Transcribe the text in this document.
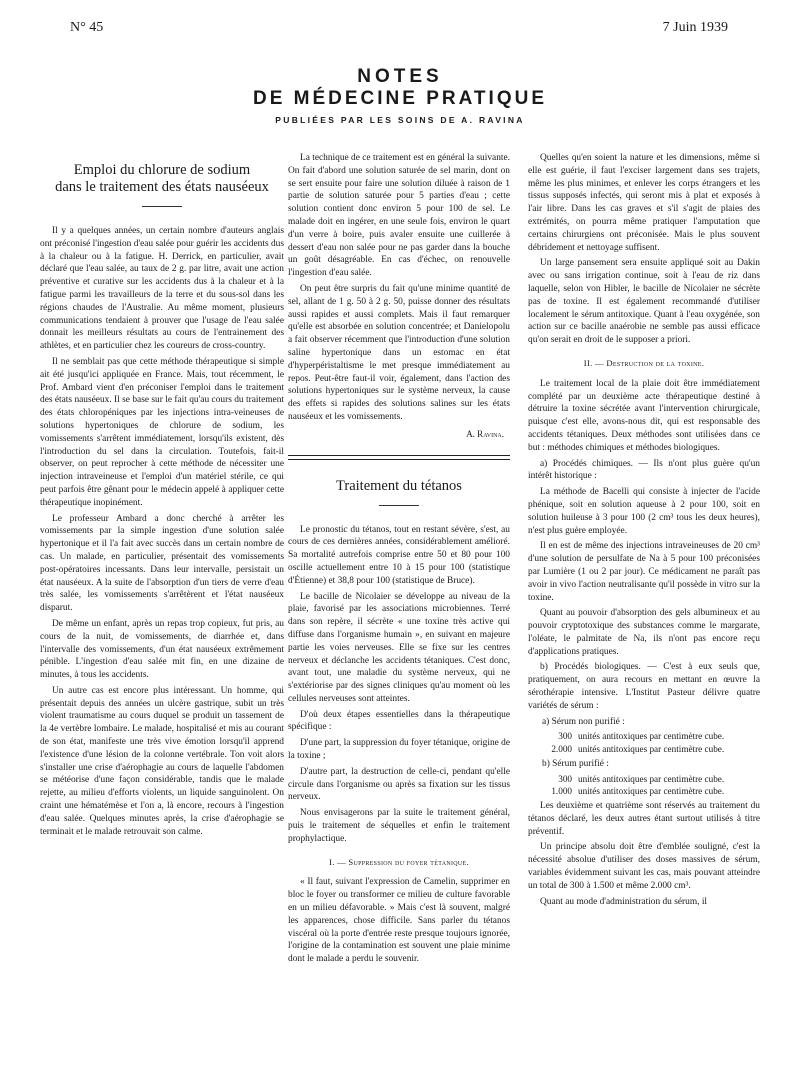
N° 45	7 Juin 1939
NOTES
DE MÉDECINE PRATIQUE
PUBLIÉES PAR LES SOINS DE A. RAVINA
Emploi du chlorure de sodium
dans le traitement des états nauséeux

Il y a quelques années, un certain nombre d'auteurs anglais ont préconisé l'ingestion d'eau salée pour guérir les accidents dus à la chaleur ou à la fatigue. H. Derrick, en particulier, avait déclaré que l'eau salée, au taux de 2 g. par litre, avait une action préventive et curative sur les accidents dus à la chaleur et à la fatigue parmi les travailleurs de la terre et du sous-sol dans les régions chaudes de l'Australie. Au même moment, plusieurs communications tendaient à prouver que l'usage de l'eau salée donnait les meilleurs résultats au cours de l'entrainement des athlètes, et en particulier chez les coureurs de cross-country.

Il ne semblait pas que cette méthode thérapeutique si simple ait été jusqu'ici appliquée en France. Mais, tout récemment, le Prof. Ambard vient d'en préconiser l'emploi dans le traitement des états nauséeux. Il se base sur le fait qu'au cours du traitement des états chloropéniques par les injections intra-veineuses de solutions hypertoniques de chlorure de sodium, les vomissements s'arrêtent immédiatement, lorsqu'ils existent, dès l'introduction du sel dans la circulation. Toutefois, fait-il observer, on peut reprocher à cette méthode de nécessiter une injection intraveineuse et l'emploi d'un matériel stérile, ce qui peut parfois être gênant pour le médecin appelé à appliquer cette thérapeutique inopinément.

Le professeur Ambard a donc cherché à arrêter les vomissements par la simple ingestion d'une solution salée hypertonique et il l'a fait avec succès dans un certain nombre de cas. Un malade, en particulier, présentait des vomissements post-opératoires incessants. Dans leur intervalle, persistait un état nauséeux. A la suite de l'absorption d'un tiers de verre d'eau très salée, les vomissements s'arrêtèrent et l'état nauséeux disparut.

De même un enfant, après un repas trop copieux, fut pris, au cours de la nuit, de vomissements, de diarrhée et, dans l'intervalle des vomissements, d'un état nauséeux extrêmement pénible. L'ingestion d'eau salée mit fin, en une dizaine de minutes, à tous les accidents.

Un autre cas est encore plus intéressant. Un homme, qui présentait depuis des années un ulcère gastrique, subit un très violent traumatisme au cours duquel se produit un tassement de la 4e vertèbre lombaire. Le malade, hospitalisé et mis au courant de son état, manifeste une très vive émotion lorsqu'il apprend l'existence d'une lésion de la colonne vertébrale. Ton voit alors s'installer une crise d'aérophagie au cours de laquelle l'abdomen se météorise d'une façon considérable, tandis que le malade rejette, au milieu d'efforts violents, un liquide sanguinolent. On craint une hématémèse et l'on a, là encore, recours à l'ingestion d'eau salée. Quelques minutes après, la crise d'aérophagie se terminait et le malade retrouvait son calme.

La technique de ce traitement est en général la suivante. On fait d'abord une solution saturée de sel marin, dont on se sert ensuite pour faire une solution diluée à raison de 1 partie de solution saturée pour 5 parties d'eau ; cette solution contient donc environ 5 pour 100 de sel. Le malade doit en ingérer, en une seule fois, environ le quart d'un verre à boire, puis avaler ensuite une cuillerée à dessert d'eau non salée pour ne pas garder dans la bouche un goût désagréable. En cas d'échec, on renouvelle l'ingestion d'eau salée.

On peut être surpris du fait qu'une minime quantité de sel, allant de 1 g. 50 à 2 g. 50, puisse donner des résultats aussi rapides et aussi complets. Mais il faut remarquer qu'elle est absorbée en solution concentrée; et Danielopolu a fait observer récemment que l'introduction d'une solution saline hypertonique dans un estomac en état d'hyperpéristaltisme le met presque immédiatement au repos. Peut-être faut-il voir, également, dans l'action des solutions hypertoniques sur le système nerveux, la cause des effets si rapides des solutions salines sur les états nauséeux et les vomissements.

A. Ravina.
Traitement du tétanos

Le pronostic du tétanos, tout en restant sévère, s'est, au cours de ces dernières années, considérablement amélioré. Sa mortalité autrefois comprise entre 50 et 80 pour 100 oscille actuellement entre 10 à 15 pour 100 (statistique d'Étienne) et 38,8 pour 100 (statistique de Bruce).

Le bacille de Nicolaier se développe au niveau de la plaie, favorisé par les associations microbiennes. Terré dans son repère, il sécrète « une toxine très active qui diffuse dans l'organisme humain », en suivant en majeure partie les voies nerveuses. Elle se fixe sur les centres nerveux et déclanche les accidents tétaniques. C'est donc, avant tout, une maladie du système nerveux, qui ne s'extériorise par des signes cliniques qu'au moment où les cellules nerveuses sont atteintes.

D'où deux étapes essentielles dans la thérapeutique spécifique :

D'une part, la suppression du foyer tétanique, origine de la toxine ;

D'autre part, la destruction de celle-ci, pendant qu'elle circule dans l'organisme ou après sa fixation sur les tissus nerveux.

Nous envisagerons par la suite le traitement général, puis le traitement de séquelles et enfin le traitement prophylactique.

I. — Suppression du foyer tétanique.

« Il faut, suivant l'expression de Camelin, supprimer en bloc le foyer ou transformer ce milieu de culture favorable en un milieu défavorable. » Mais c'est là souvent, malgré les apparences, chose difficile. Sans parler du tétanos viscéral où la porte d'entrée reste presque toujours ignorée, l'origine de la contamination est souvent une plaie minime dont le malade a perdu le souvenir.

Quelles qu'en soient la nature et les dimensions, même si elle est guérie, il faut l'exciser largement dans ses trajets, même les plus minimes, et enlever les corps étrangers et les tissus supposés infectés, qui seront mis à plat et exposés à l'air libre. Dans les cas graves et s'il s'agit de plaies des extrémités, on pourra même pratiquer l'amputation que certains chirurgiens ont préconisée. Mais le plus souvent débridement et nettoyage suffisent.

Un large pansement sera ensuite appliqué soit au Dakin avec ou sans irrigation continue, soit à l'eau de riz dans laquelle, selon von Hibler, le bacille de Nicolaier ne sécrète pas de toxine. Il est également recommandé d'utiliser localement le sérum antitoxique. Quant à l'eau oxygénée, son action sur ce bacille anaérobie ne semble pas aussi efficace qu'on serait en droit de le supposer a priori.

II. — Destruction de la toxine.

Le traitement local de la plaie doit être immédiatement complété par un deuxième acte thérapeutique destiné à détruire la toxine sécrétée avant l'intervention chirurgicale, puisque c'est elle, avons-nous dit, qui est responsable des accidents tétaniques. Deux méthodes sont utilisées dans ce but : méthodes chimiques et méthodes biologiques.

a) Procédés chimiques. — Ils n'ont plus guère qu'un intérêt historique :

La méthode de Bacelli qui consiste à injecter de l'acide phénique, soit en solution aqueuse à 2 pour 100, soit en solution huileuse à 3 pour 100 (2 cm³ tous les deux heures), n'est plus guère employée.

Il en est de même des injections intraveineuses de 20 cm³ d'une solution de persulfate de Na à 5 pour 100 préconisées par Lumière (1 ou 2 par jour). Ce médicament ne paraît pas avoir in vivo l'action neutralisante qu'il possède in vitro sur la toxine.

Quant au pouvoir d'absorption des gels albumineux et au pouvoir cryptotoxique des substances comme le margarate, l'oléate, le palmitate de Na, ils n'ont pas encore reçu d'applications pratiques.

b) Procédés biologiques. — C'est à eux seuls que, pratiquement, on aura recours en mettant en œuvre la sérothérapie intensive. L'Institut Pasteur délivre quatre variétés de sérum :

a) Sérum non purifié :
300	unités antitoxiques par centimètre cube.
2.000	unités antitoxiques par centimètre cube.
b) Sérum purifié :
300	unités antitoxiques par centimètre cube.
1.000	unités antitoxiques par centimètre cube.

Les deuxième et quatrième sont réservés au traitement du tétanos déclaré, les deux autres étant surtout utilisés à titre préventif.

Un principe absolu doit être d'emblée souligné, c'est la nécessité absolue d'utiliser des doses massives de sérum, variables évidemment suivant les cas, mais pouvant atteindre un total de 300 à 1.500 et même 2.000 cm³.

Quant au mode d'administration du sérum, il
